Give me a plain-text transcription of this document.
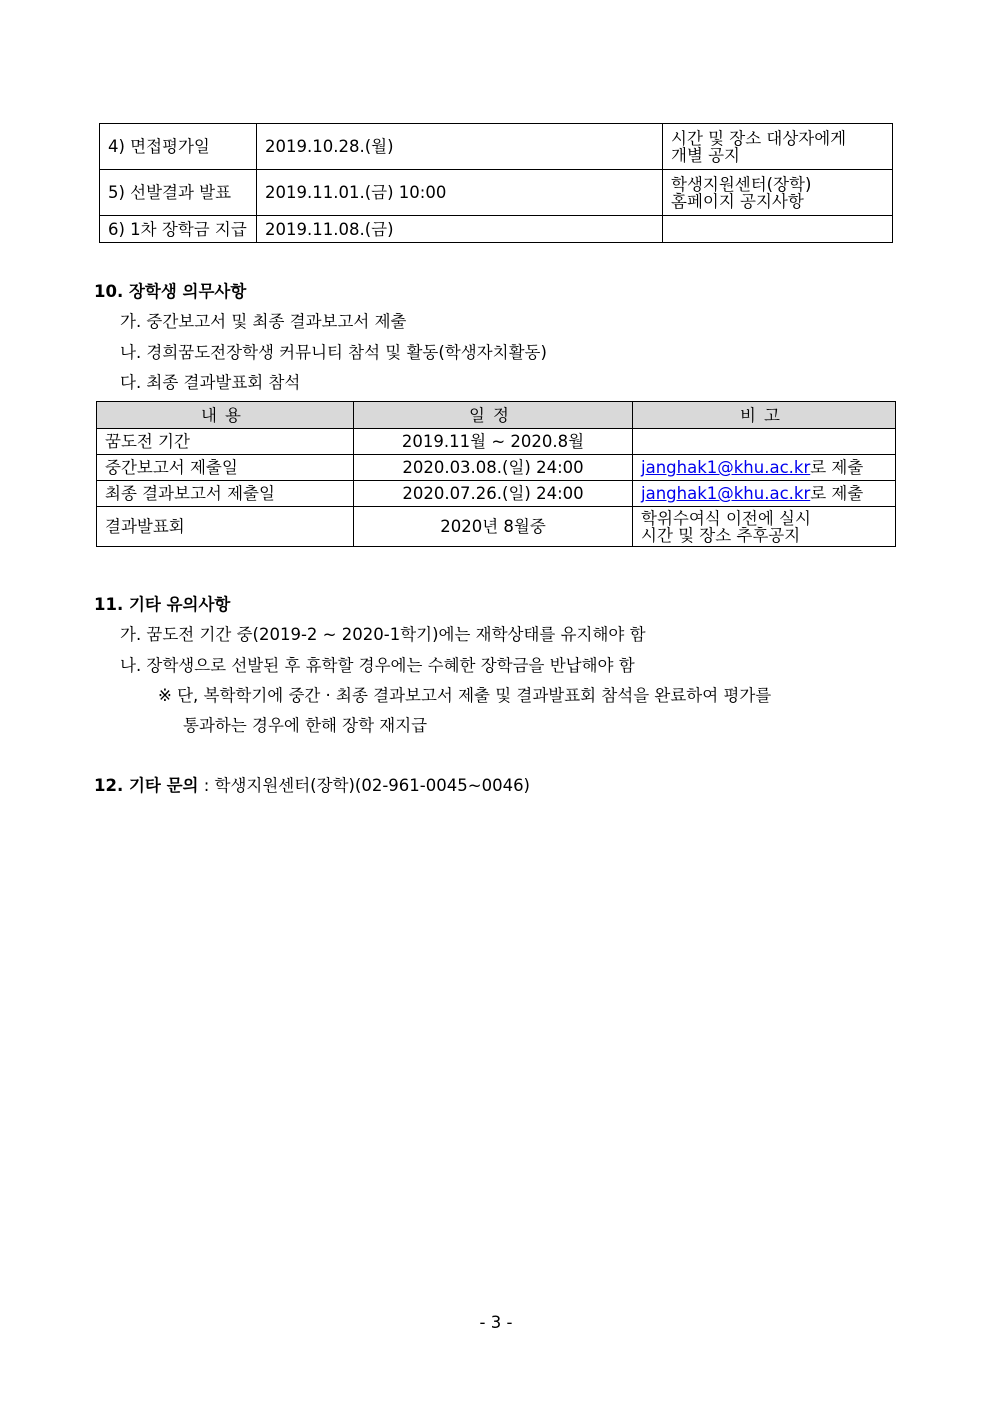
4) 면접평가일	2019.10.28.(월)	시간 및 장소 대상자에게
개별 공지

5) 선발결과 발표	2019.11.01.(금) 10:00	학생지원센터(장학)
홈페이지 공지사항

6) 1차 장학금 지급	2019.11.08.(금)	
10. 장학생 의무사항
가. 중간보고서 및 최종 결과보고서 제출
나. 경희꿈도전장학생 커뮤니티 참석 및 활동(학생자치활동)
다. 최종 결과발표회 참석
내용	일정	비고
꿈도전 기간	2019.11월 ~ 2020.8월	
중간보고서 제출일	2020.03.08.(일) 24:00	janghak1@khu.ac.kr로 제출
최종 결과보고서 제출일	2020.07.26.(일) 24:00	janghak1@khu.ac.kr로 제출
결과발표회	2020년 8월중	학위수여식 이전에 실시
시간 및 장소 추후공지
11. 기타 유의사항
가. 꿈도전 기간 중(2019-2 ~ 2020-1학기)에는 재학상태를 유지해야 함
나. 장학생으로 선발된 후 휴학할 경우에는 수혜한 장학금을 반납해야 함
※ 단, 복학학기에 중간 · 최종 결과보고서 제출 및 결과발표회 참석을 완료하여 평가를
통과하는 경우에 한해 장학 재지급
12. 기타 문의 : 학생지원센터(장학)(02-961-0045~0046)
- 3 -
